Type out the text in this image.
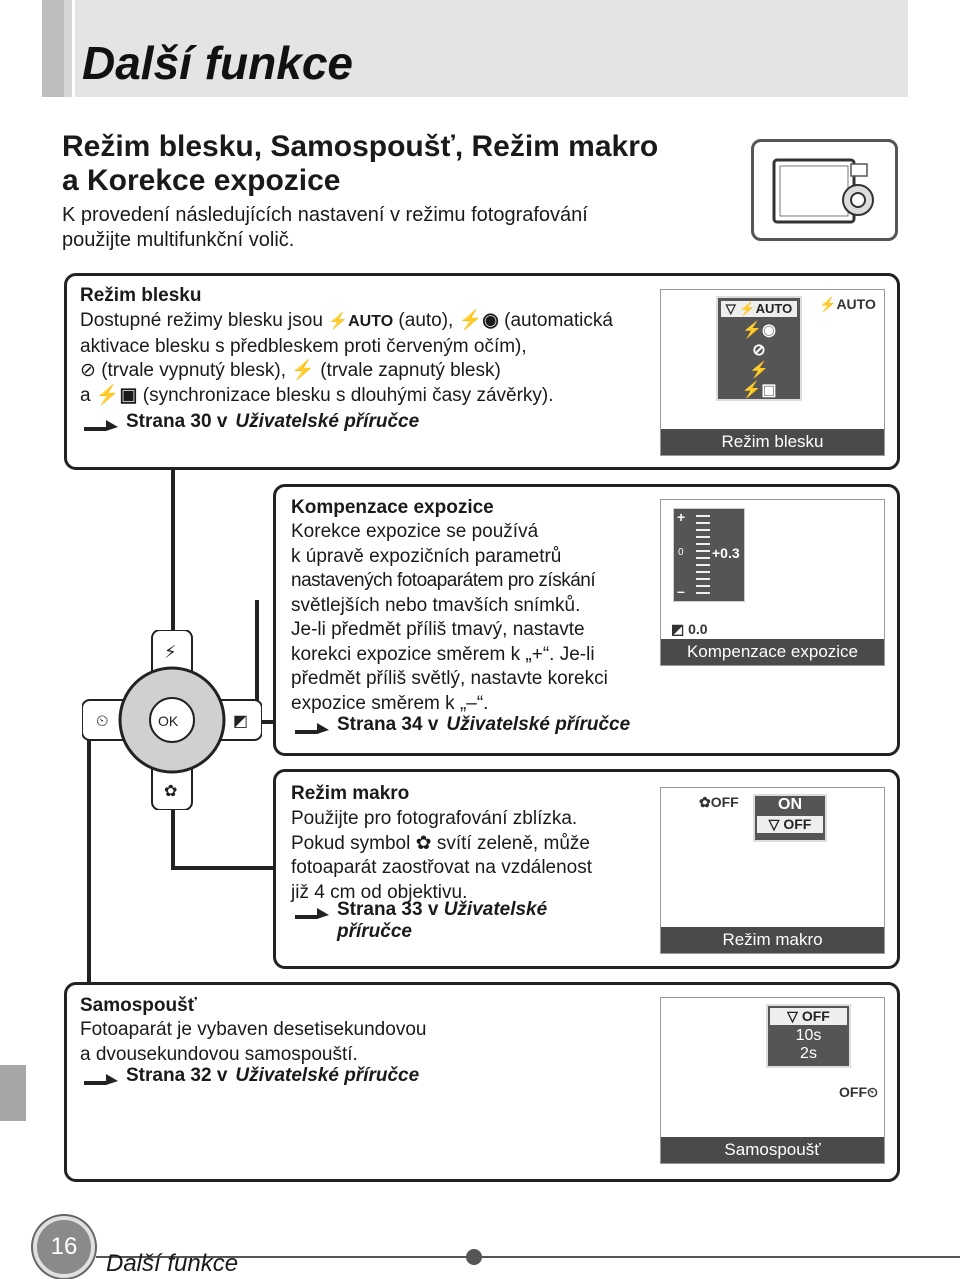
Další funkce
Režim blesku, Samospoušť, Režim makro
a Korekce expozice
K provedení následujících nastavení v režimu fotografování
použijte multifunkční volič.
Režim blesku
Dostupné režimy blesku jsou ⚡AUTO (auto), ⚡◉ (automatická
aktivace blesku s předbleskem proti červeným očím),
⊘ (trvale vypnutý blesk), ⚡ (trvale zapnutý blesk)
a ⚡▣ (synchronizace blesku s dlouhými časy závěrky).
Strana 30 v Uživatelské příručce
▽ ⚡AUTO
⚡◉
⊘
⚡
⚡▣
⚡AUTO
Režim blesku
⏲	◩
⚡
✿
OK
Kompenzace expozice
Korekce expozice se používá
k úpravě expozičních parametrů
nastavených fotoaparátem pro získání
světlejších nebo tmavších snímků.
Je-li předmět příliš tmavý, nastavte
korekci expozice směrem k „+“. Je-li
předmět příliš světlý, nastavte korekci
expozice směrem k „–“.
Strana 34 v Uživatelské příručce
+
–
0 +0.3
◩ 0.0
Kompenzace expozice
Režim makro
Použijte pro fotografování zblízka.
Pokud symbol ✿ svítí zeleně, může
fotoaparát zaostřovat na vzdálenost
již 4 cm od objektivu.
Strana 33 v Uživatelské
příručce
✿OFF	ON
▽ OFF
Režim makro
Samospoušť
Fotoaparát je vybaven desetisekundovou
a dvousekundovou samospouští.
Strana 32 v Uživatelské příručce
▽ OFF
10s
2s
OFF⏲
Samospoušť
16
Další funkce
